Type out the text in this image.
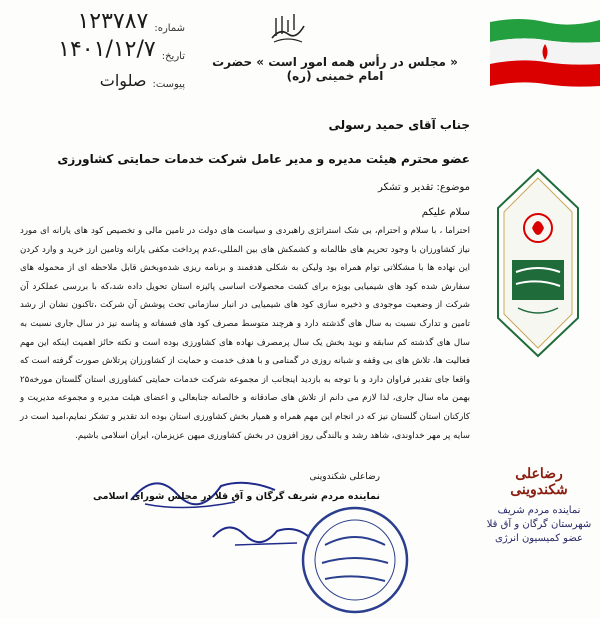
شماره:
۱۲۳۷۸۷
تاریخ:
۱۴۰۱/۱۲/۷
پیوست:
صلوات
« مجلس در رأس همه امور است » حضرت امام خمینی (ره)
رضاعلی شکندوینی
نماینده مردم شریف
شهرستان گرگان و آق قلا
عضو کمیسیون انرژی
جناب آقای حمید رسولی
عضو محترم هیئت مدیره و مدیر عامل شرکت خدمات حمایتی کشاورزی
موضوع: تقدیر و تشکر
سلام علیکم
احتراما ، با سلام و احترام، بی شک استراتژی راهبردی و سیاست های دولت در تامین مالی و تخصیص کود های یارانه ای مورد نیاز کشاورزان با وجود تحریم های ظالمانه و کشمکش های بین المللی،عدم پرداخت مکفی یارانه وتامین ارز خرید و وارد کردن این نهاده ها با مشکلاتی توام همراه بود ولیکن به شکلی هدفمند و برنامه ریزی شده‌وبخش قابل ملاحظه ای از محموله های سفارش شده کود های شیمیایی بویژه برای کشت محصولات اساسی پائیزه استان تحویل داده شد،که با بررسی عملکرد آن شرکت از وضعیت موجودی و ذخیره سازی کود های شیمیایی در انبار سازمانی تحت پوشش آن شرکت ،تاکنون نشان از رشد تامین و تدارک نسبت به سال های گذشته دارد و هرچند متوسط مصرف کود های فسفاته و پتاسه نیز در سال جاری نسبت به سال های گذشته کم سابقه و نوید بخش یک سال پرمصرف نهاده های کشاورزی بوده است و نکته حائز اهمیت اینکه این مهم فعالیت ها، تلاش های بی وقفه و شبانه روزی در گمنامی و با هدف خدمت و حمایت از کشاورزان پرتلاش صورت گرفته است که واقعا جای تقدیر فراوان دارد و با توجه به بازدید اینجانب از مجموعه شرکت خدمات حمایتی کشاورزی استان گلستان مورخه۲۵ بهمن ماه سال جاری، لذا لازم می دانم از تلاش های صادقانه و خالصانه جنابعالی و اعضای هیئت مدیره و مجموعه مدیریت و کارکنان استان گلستان نیز که در انجام این مهم همراه و همیار بخش کشاورزی استان بوده اند تقدیر و تشکر نمایم،امید است در سایه پر مهر خداوندی، شاهد رشد و بالندگی روز افزون در بخش کشاورزی میهن عزیزمان، ایران اسلامی باشیم.
رضاعلی شکندوینی
نماینده مردم شریف گرگان و آق قلا در مجلس شورای اسلامی
